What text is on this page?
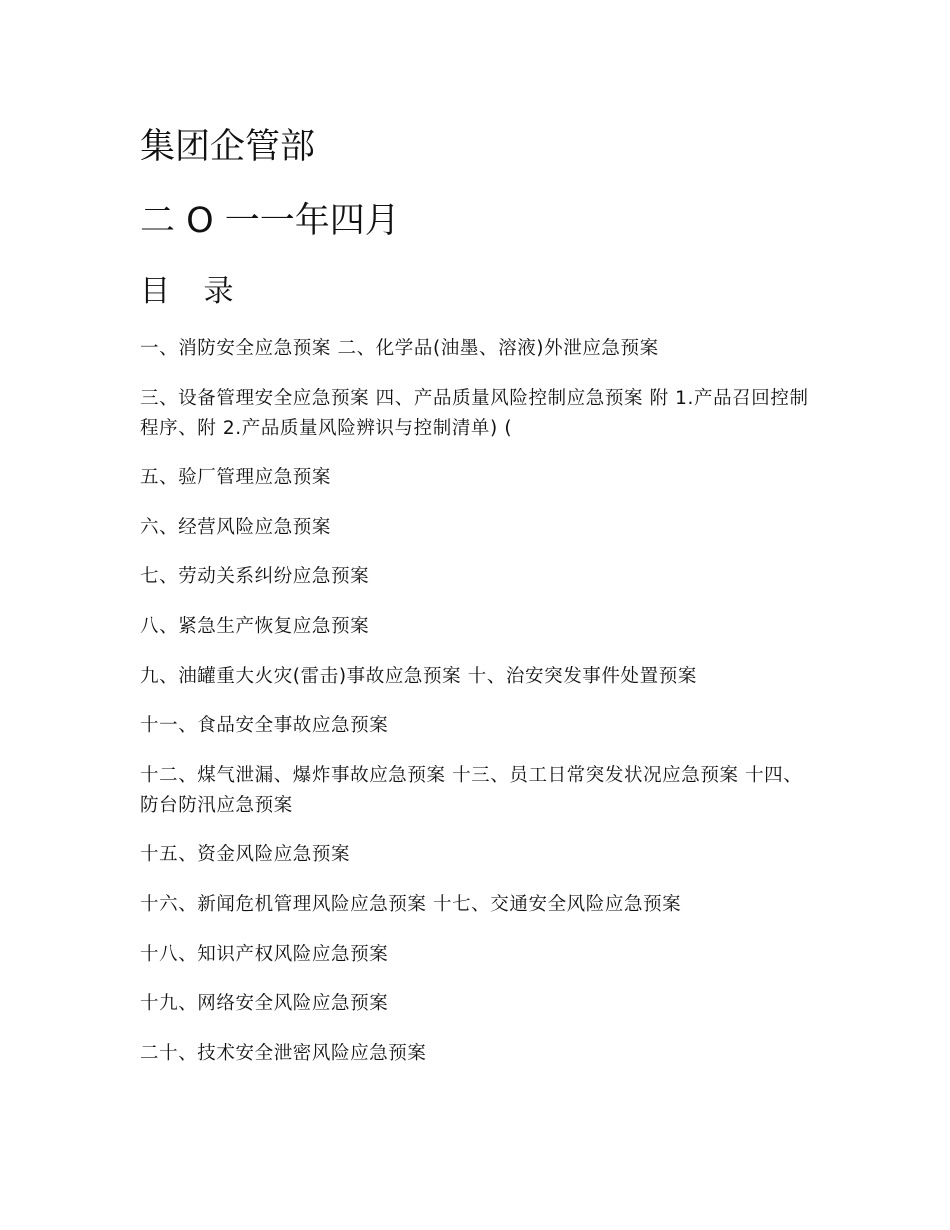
集团企管部
二 O 一一年四月
目 录
一、消防安全应急预案 二、化学品(油墨、溶液)外泄应急预案
三、设备管理安全应急预案 四、产品质量风险控制应急预案 附 1.产品召回控制程序、附 2.产品质量风险辨识与控制清单) (
五、验厂管理应急预案
六、经营风险应急预案
七、劳动关系纠纷应急预案
八、紧急生产恢复应急预案
九、油罐重大火灾(雷击)事故应急预案 十、治安突发事件处置预案
十一、食品安全事故应急预案
十二、煤气泄漏、爆炸事故应急预案 十三、员工日常突发状况应急预案 十四、防台防汛应急预案
十五、资金风险应急预案
十六、新闻危机管理风险应急预案 十七、交通安全风险应急预案
十八、知识产权风险应急预案
十九、网络安全风险应急预案
二十、技术安全泄密风险应急预案
